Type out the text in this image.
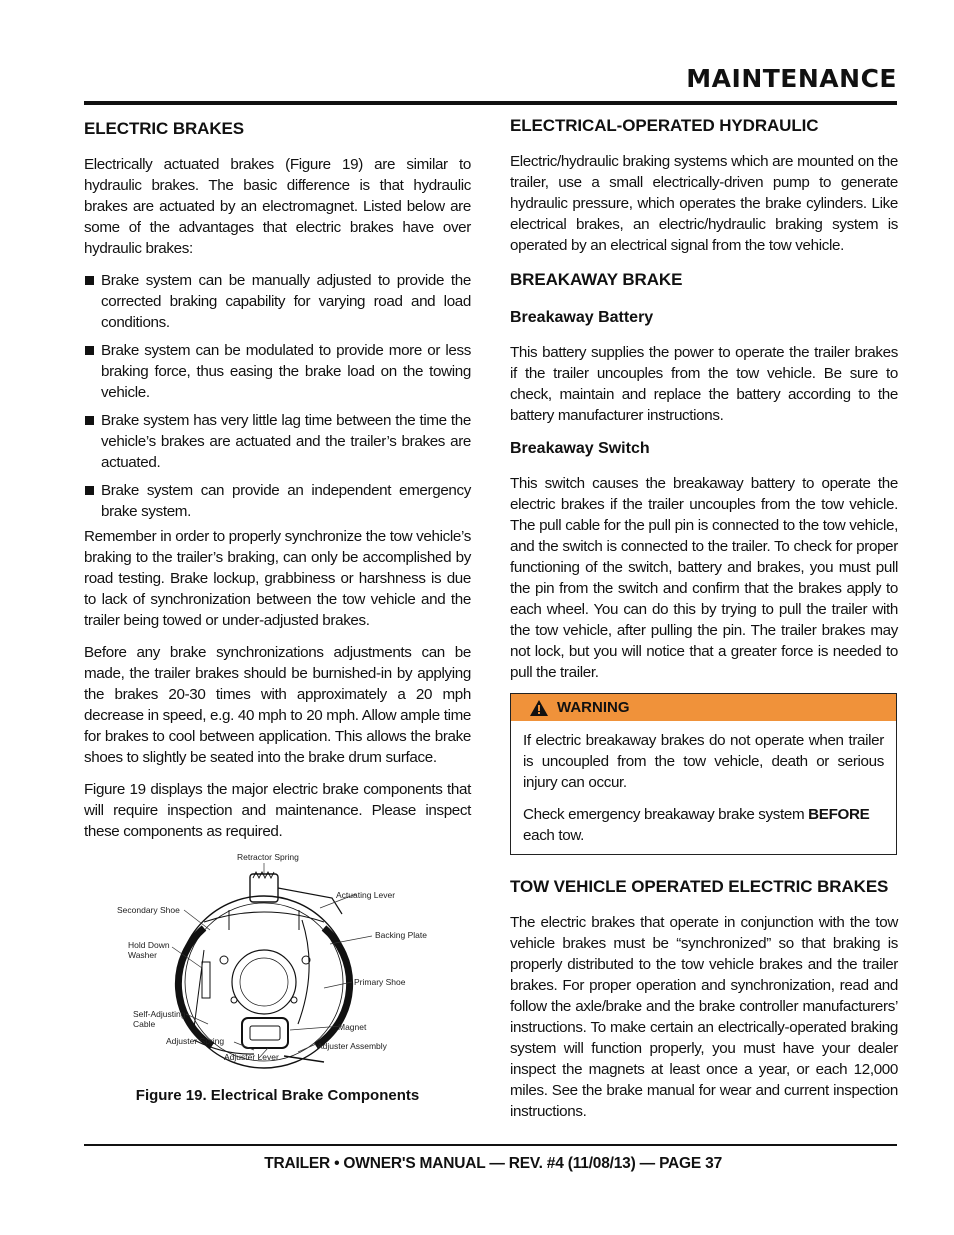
MAINTENANCE
ELECTRIC BRAKES

Electrically actuated brakes (Figure 19) are similar to hydraulic brakes. The basic difference is that hydraulic brakes are actuated by an electromagnet. Listed below are some of the advantages that electric brakes have over hydraulic brakes:

Brake system can be manually adjusted to provide the corrected braking capability for varying road and load conditions.
Brake system can be modulated to provide more or less braking force, thus easing the brake load on the towing vehicle.
Brake system has very little lag time between the time the vehicle’s brakes are actuated and the trailer’s brakes are actuated.
Brake system can provide an independent emergency brake system.

Remember in order to properly synchronize the tow vehicle’s braking to the trailer’s braking, can only be accomplished by road testing. Brake lockup, grabbiness or harshness is due to lack of synchronization between the tow vehicle and the trailer being towed or under-adjusted brakes.

Before any brake synchronizations adjustments can be made, the trailer brakes should be burnished-in by applying the brakes 20-30 times with approximately a 20 mph decrease in speed, e.g. 40 mph to 20 mph. Allow ample time for brakes to cool between application. This allows the brake shoes to slightly be seated into the brake drum surface.

Figure 19 displays the major electric brake components that will require inspection and maintenance. Please inspect these components as required.

Retractor Spring
Secondary Shoe
Actuating Lever
Hold Down
Washer
Backing Plate
Primary Shoe
Self-Adjusting
Cable	Magnet
Adjuster Spring	Adjuster Assembly
Adjuster Lever
Figure 19. Electrical Brake Components
ELECTRICAL-OPERATED HYDRAULIC

Electric/hydraulic braking systems which are mounted on the trailer, use a small electrically-driven pump to generate hydraulic pressure, which operates the brake cylinders. Like electrical brakes, an electric/hydraulic braking system is operated by an electrical signal from the tow vehicle.

BREAKAWAY BRAKE
Breakaway Battery

This battery supplies the power to operate the trailer brakes if the trailer uncouples from the tow vehicle. Be sure to check, maintain and replace the battery according to the battery manufacturer instructions.

Breakaway Switch

This switch causes the breakaway battery to operate the electric brakes if the trailer uncouples from the tow vehicle. The pull cable for the pull pin is connected to the tow vehicle, and the switch is connected to the trailer. To check for proper functioning of the switch, battery and brakes, you must pull the pin from the switch and confirm that the brakes apply to each wheel. You can do this by trying to pull the trailer with the tow vehicle, after pulling the pin. The trailer brakes may not lock, but you will notice that a greater force is needed to pull the trailer.

WARNING

If electric breakaway brakes do not operate when trailer is uncoupled from the tow vehicle, death or serious injury can occur.

Check emergency breakaway brake system BEFORE each tow.

TOW VEHICLE OPERATED ELECTRIC BRAKES

The electric brakes that operate in conjunction with the tow vehicle brakes must be “synchronized” so that braking is properly distributed to the tow vehicle brakes and the trailer brakes. For proper operation and synchronization, read and follow the axle/brake and the brake controller manufacturers’ instructions. To make certain an electrically-operated braking system will function properly, you must have your dealer inspect the magnets at least once a year, or each 12,000 miles. See the brake manual for wear and current inspection instructions.

TRAILER • OWNER'S MANUAL — REV. #4 (11/08/13) — PAGE 37
